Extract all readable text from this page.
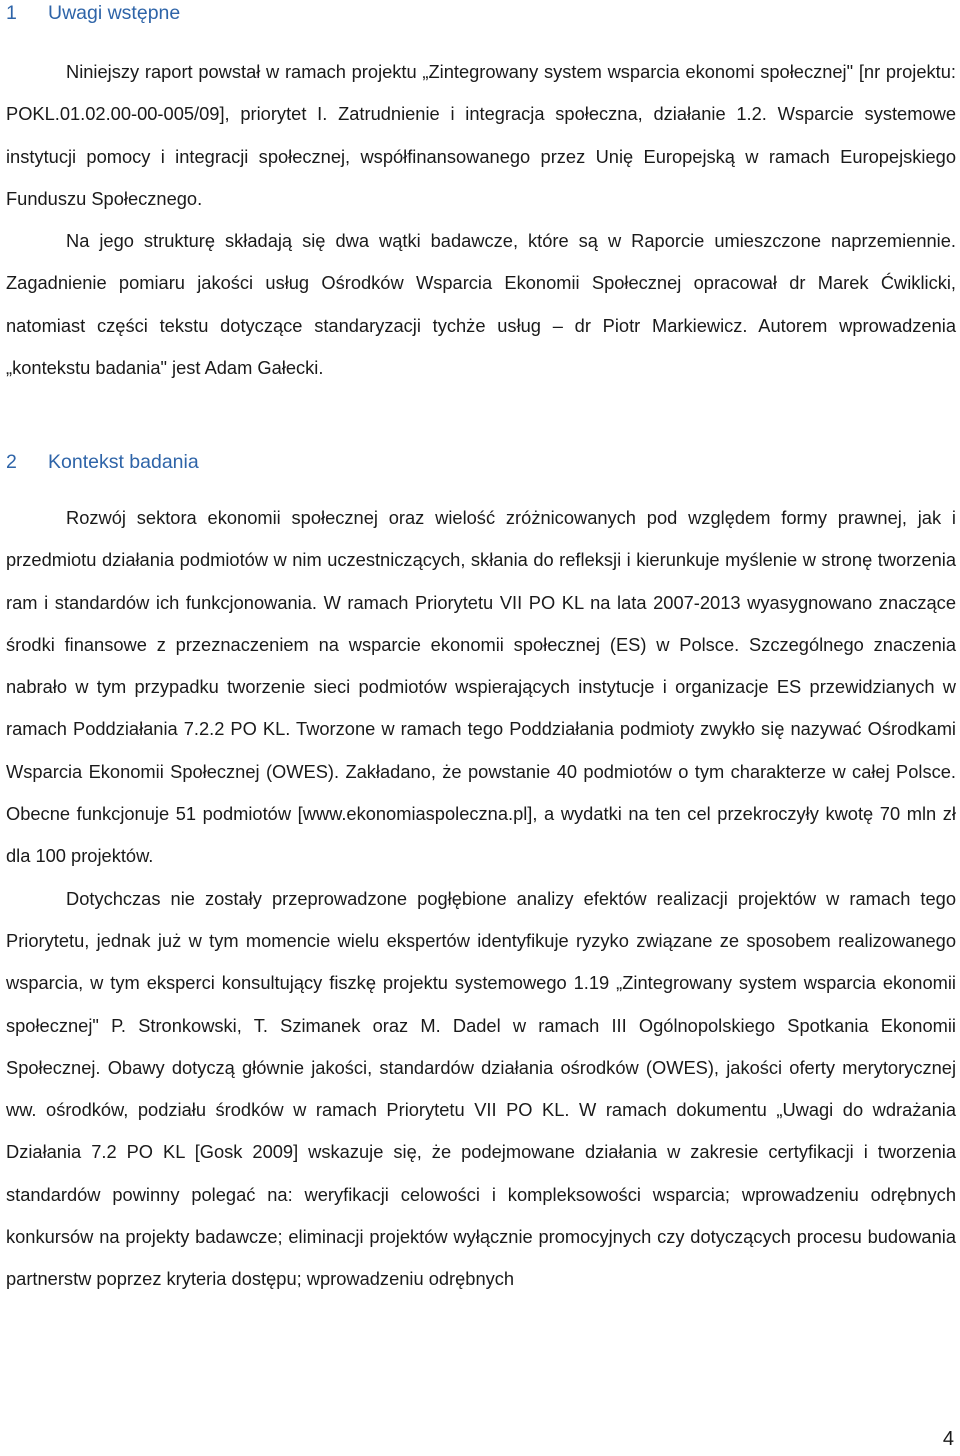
1	Uwagi wstępne

Niniejszy raport powstał w ramach projektu „Zintegrowany system wsparcia ekonomi społecznej" [nr projektu: POKL.01.02.00-00-005/09], priorytet I. Zatrudnienie i integracja społeczna, działanie 1.2. Wsparcie systemowe instytucji pomocy i integracji społecznej, współfinansowanego przez Unię Europejską w ramach Europejskiego Funduszu Społecznego.

Na jego strukturę składają się dwa wątki badawcze, które są w Raporcie umieszczone naprzemiennie. Zagadnienie pomiaru jakości usług Ośrodków Wsparcia Ekonomii Społecznej opracował dr Marek Ćwiklicki, natomiast części tekstu dotyczące standaryzacji tychże usług – dr Piotr Markiewicz. Autorem wprowadzenia „kontekstu badania" jest Adam Gałecki.

2	Kontekst badania

Rozwój sektora ekonomii społecznej oraz wielość zróżnicowanych pod względem formy prawnej, jak i przedmiotu działania podmiotów w nim uczestniczących, skłania do refleksji i kierunkuje myślenie w stronę tworzenia ram i standardów ich funkcjonowania. W ramach Priorytetu VII PO KL na lata 2007-2013 wyasygnowano znaczące środki finansowe z przeznaczeniem na wsparcie ekonomii społecznej (ES) w Polsce. Szczególnego znaczenia nabrało w tym przypadku tworzenie sieci podmiotów wspierających instytucje i organizacje ES przewidzianych w ramach Poddziałania 7.2.2 PO KL. Tworzone w ramach tego Poddziałania podmioty zwykło się nazywać Ośrodkami Wsparcia Ekonomii Społecznej (OWES). Zakładano, że powstanie 40 podmiotów o tym charakterze w całej Polsce. Obecne funkcjonuje 51 podmiotów [www.ekonomiaspoleczna.pl], a wydatki na ten cel przekroczyły kwotę 70 mln zł dla 100 projektów.

Dotychczas nie zostały przeprowadzone pogłębione analizy efektów realizacji projektów w ramach tego Priorytetu, jednak już w tym momencie wielu ekspertów identyfikuje ryzyko związane ze sposobem realizowanego wsparcia, w tym eksperci konsultujący fiszkę projektu systemowego 1.19 „Zintegrowany system wsparcia ekonomii społecznej" P. Stronkowski, T. Szimanek oraz M. Dadel w ramach III Ogólnopolskiego Spotkania Ekonomii Społecznej. Obawy dotyczą głównie jakości, standardów działania ośrodków (OWES), jakości oferty merytorycznej ww. ośrodków, podziału środków w ramach Priorytetu VII PO KL. W ramach dokumentu „Uwagi do wdrażania Działania 7.2 PO KL [Gosk 2009] wskazuje się, że podejmowane działania w zakresie certyfikacji i tworzenia standardów powinny polegać na: weryfikacji celowości i kompleksowości wsparcia; wprowadzeniu odrębnych konkursów na projekty badawcze; eliminacji projektów wyłącznie promocyjnych czy dotyczących procesu budowania partnerstw poprzez kryteria dostępu; wprowadzeniu odrębnych

4
